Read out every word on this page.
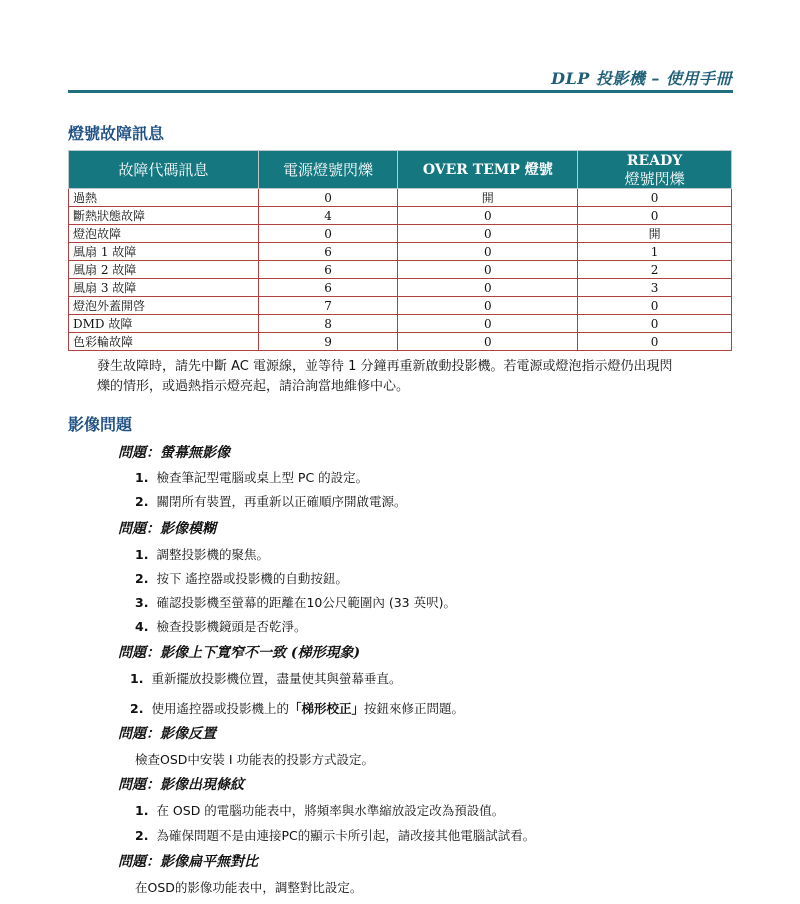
DLP 投影機 – 使用手冊
燈號故障訊息
故障代碼訊息	電源燈號閃爍	OVER TEMP 燈號	READY
燈號閃爍
過熱	0	開	0
斷熱狀態故障	4	0	0
燈泡故障	0	0	開
風扇 1 故障	6	0	1
風扇 2 故障	6	0	2
風扇 3 故障	6	0	3
燈泡外蓋開啓	7	0	0
DMD 故障	8	0	0
色彩輪故障	9	0	0
發生故障時，請先中斷 AC 電源線，並等待 1 分鐘再重新啟動投影機。若電源或燈泡指示燈仍出現閃
爍的情形，或過熱指示燈亮起，請洽詢當地維修中心。
影像問題
問題：螢幕無影像
1. 檢查筆記型電腦或桌上型 PC 的設定。
2. 關閉所有裝置，再重新以正確順序開啟電源。
問題：影像模糊
1. 調整投影機的聚焦。
2. 按下 遙控器或投影機的自動按鈕。
3. 確認投影機至螢幕的距離在10公尺範圍內 (33 英呎)。
4. 檢查投影機鏡頭是否乾淨。
問題：影像上下寬窄不一致 (梯形現象)
1. 重新擺放投影機位置，盡量使其與螢幕垂直。
2. 使用遙控器或投影機上的「梯形校正」按鈕來修正問題。
問題：影像反置
檢查OSD中安裝 I 功能表的投影方式設定。
問題：影像出現條紋
1. 在 OSD 的電腦功能表中，將頻率與水準縮放設定改為預設值。
2. 為確保問題不是由連接PC的顯示卡所引起，請改接其他電腦試試看。
問題：影像扁平無對比
在OSD的影像功能表中，調整對比設定。
